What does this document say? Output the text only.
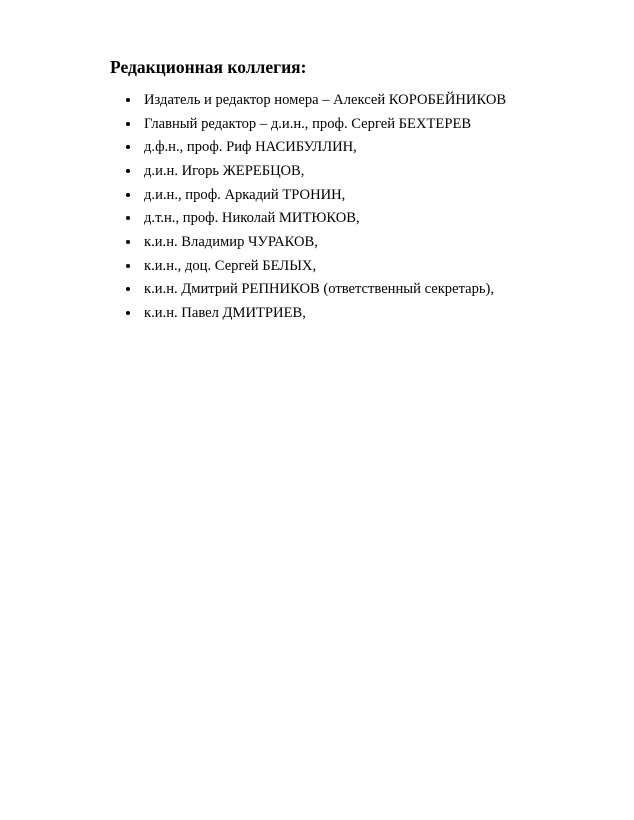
Редакционная коллегия:
Издатель и редактор номера – Алексей КОРОБЕЙНИКОВ
Главный редактор – д.и.н., проф. Сергей БЕХТЕРЕВ
д.ф.н., проф. Риф НАСИБУЛЛИН,
д.и.н. Игорь ЖЕРЕБЦОВ,
д.и.н., проф. Аркадий ТРОНИН,
д.т.н., проф. Николай МИТЮКОВ,
к.и.н. Владимир ЧУРАКОВ,
к.и.н., доц. Сергей БЕЛЫХ,
к.и.н. Дмитрий РЕПНИКОВ (ответственный секретарь),
к.и.н. Павел ДМИТРИЕВ,
